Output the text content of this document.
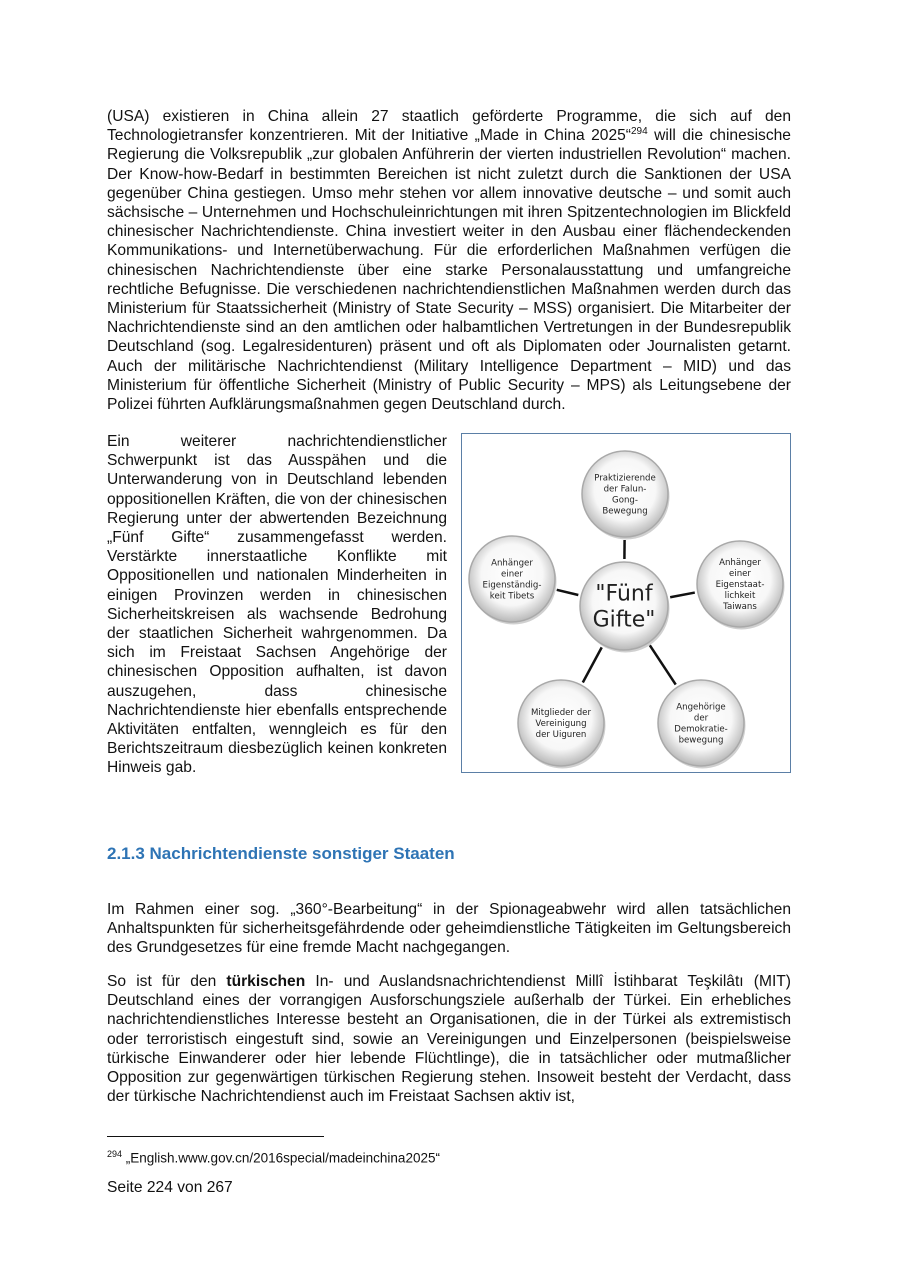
(USA) existieren in China allein 27 staatlich geförderte Programme, die sich auf den Technologietransfer konzentrieren. Mit der Initiative „Made in China 2025“$^{294}$ will die chinesische Regierung die Volksrepublik „zur globalen Anführerin der vierten industriellen Revolution“ machen. Der Know-how-Bedarf in bestimmten Bereichen ist nicht zuletzt durch die Sanktionen der USA gegenüber China gestiegen. Umso mehr stehen vor allem innovative deutsche – und somit auch sächsische – Unternehmen und Hochschuleinrichtungen mit ihren Spitzentechnologien im Blickfeld chinesischer Nachrichtendienste. China investiert weiter in den Ausbau einer flächendeckenden Kommunikations- und Internetüberwachung. Für die erforderlichen Maßnahmen verfügen die chinesischen Nachrichtendienste über eine starke Personalausstattung und umfangreiche rechtliche Befugnisse. Die verschiedenen nachrichtendienstlichen Maßnahmen werden durch das Ministerium für Staatssicherheit (Ministry of State Security – MSS) organisiert. Die Mitarbeiter der Nachrichtendienste sind an den amtlichen oder halbamtlichen Vertretungen in der Bundesrepublik Deutschland (sog. Legalresidenturen) präsent und oft als Diplomaten oder Journalisten getarnt. Auch der militärische Nachrichtendienst (Military Intelligence Department – MID) und das Ministerium für öffentliche Sicherheit (Ministry of Public Security – MPS) als Leitungsebene der Polizei führten Aufklärungsmaßnahmen gegen Deutschland durch.
Ein weiterer nachrichtendienstlicher Schwerpunkt ist das Ausspähen und die Unterwanderung von in Deutschland lebenden oppositionellen Kräften, die von der chinesischen Regierung unter der abwertenden Bezeichnung „Fünf Gifte“ zusammengefasst werden. Verstärkte innerstaatliche Konflikte mit Oppositionellen und nationalen Minderheiten in einigen Provinzen werden in chinesischen Sicherheitskreisen als wachsende Bedrohung der staatlichen Sicherheit wahrgenommen. Da sich im Freistaat Sachsen Angehörige der chinesischen Opposition aufhalten, ist davon auszugehen, dass chinesische Nachrichtendienste hier ebenfalls entsprechende Aktivitäten entfalten, wenngleich es für den Berichtszeitraum diesbezüglich keinen konkreten Hinweis gab.
"Fünf Gifte"
Praktizierende der Falun-Gong-Bewegung
Anhänger einer Eigenstaat-lichkeit Taiwans
Angehörige der Demokratie-bewegung
Mitglieder der Vereinigung der Uiguren
Anhänger einer Eigenständig-keit Tibets
2.1.3 Nachrichtendienste sonstiger Staaten
Im Rahmen einer sog. „360°-Bearbeitung“ in der Spionageabwehr wird allen tatsächlichen Anhaltspunkten für sicherheitsgefährdende oder geheimdienstliche Tätigkeiten im Geltungsbereich des Grundgesetzes für eine fremde Macht nachgegangen.
So ist für den türkischen In- und Auslandsnachrichtendienst Millî İstihbarat Teşkilâtı (MIT) Deutschland eines der vorrangigen Ausforschungsziele außerhalb der Türkei. Ein erhebliches nachrichtendienstliches Interesse besteht an Organisationen, die in der Türkei als extremistisch oder terroristisch eingestuft sind, sowie an Vereinigungen und Einzelpersonen (beispielsweise türkische Einwanderer oder hier lebende Flüchtlinge), die in tatsächlicher oder mutmaßlicher Opposition zur gegenwärtigen türkischen Regierung stehen. Insoweit besteht der Verdacht, dass der türkische Nachrichtendienst auch im Freistaat Sachsen aktiv ist,
$^{294}$ „English.www.gov.cn/2016special/madeinchina2025“
Seite 224 von 267
